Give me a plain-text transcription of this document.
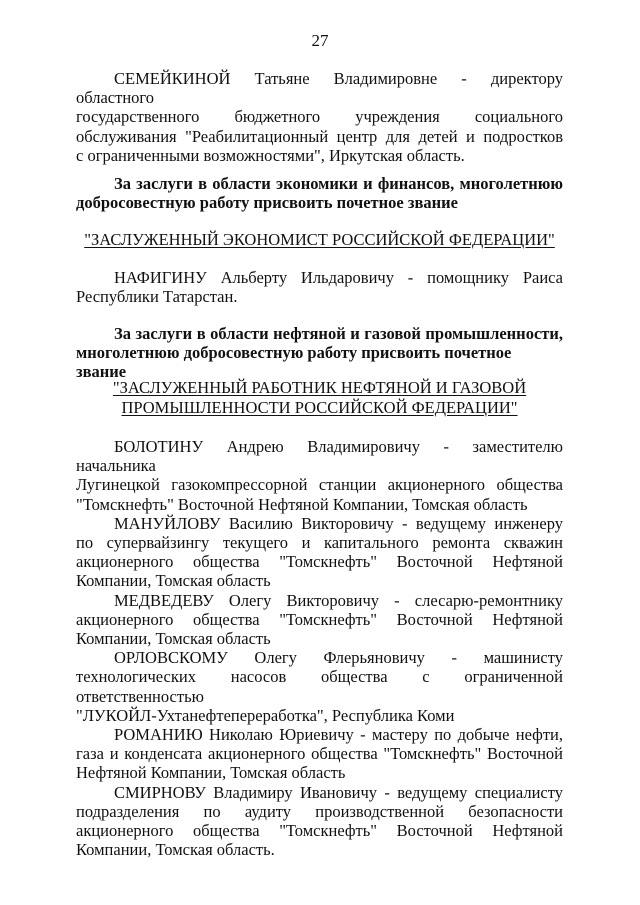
27
СЕМЕЙКИНОЙ Татьяне Владимировне - директору областного
государственного бюджетного учреждения социального
обслуживания "Реабилитационный центр для детей и подростков
с ограниченными возможностями", Иркутская область.
За заслуги в области экономики и финансов, многолетнюю
добросовестную работу присвоить почетное звание
"ЗАСЛУЖЕННЫЙ ЭКОНОМИСТ РОССИЙСКОЙ ФЕДЕРАЦИИ"
НАФИГИНУ Альберту Ильдаровичу - помощнику Раиса
Республики Татарстан.
За заслуги в области нефтяной и газовой промышленности,
многолетнюю добросовестную работу присвоить почетное звание
"ЗАСЛУЖЕННЫЙ РАБОТНИК НЕФТЯНОЙ И ГАЗОВОЙ
ПРОМЫШЛЕННОСТИ РОССИЙСКОЙ ФЕДЕРАЦИИ"
БОЛОТИНУ Андрею Владимировичу - заместителю начальника
Лугинецкой газокомпрессорной станции акционерного общества
"Томскнефть" Восточной Нефтяной Компании, Томская область
МАНУЙЛОВУ Василию Викторовичу - ведущему инженеру
по супервайзингу текущего и капитального ремонта скважин
акционерного общества "Томскнефть" Восточной Нефтяной
Компании, Томская область
МЕДВЕДЕВУ Олегу Викторовичу - слесарю-ремонтнику
акционерного общества "Томскнефть" Восточной Нефтяной
Компании, Томская область
ОРЛОВСКОМУ Олегу Флерьяновичу - машинисту
технологических насосов общества с ограниченной ответственностью
"ЛУКОЙЛ-Ухтанефтепереработка", Республика Коми
РОМАНИЮ Николаю Юриевичу - мастеру по добыче нефти,
газа и конденсата акционерного общества "Томскнефть" Восточной
Нефтяной Компании, Томская область
СМИРНОВУ Владимиру Ивановичу - ведущему специалисту
подразделения по аудиту производственной безопасности
акционерного общества "Томскнефть" Восточной Нефтяной
Компании, Томская область.
